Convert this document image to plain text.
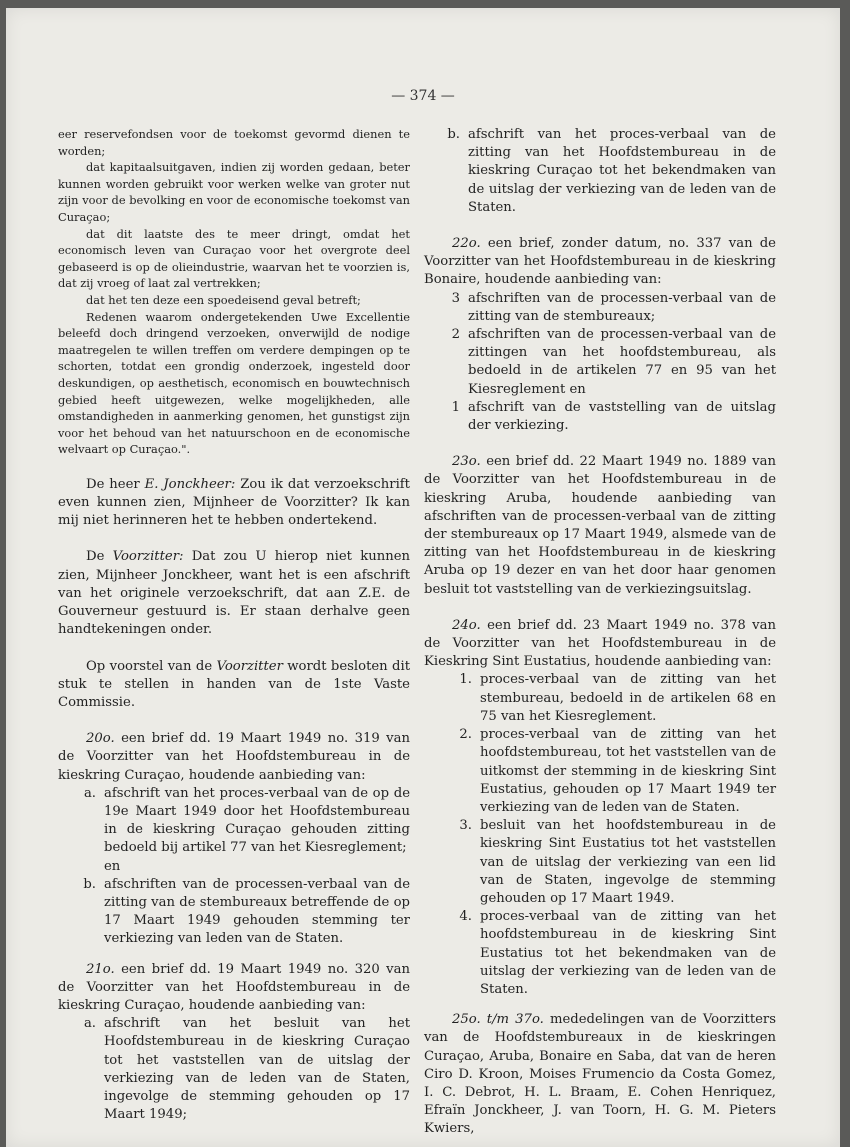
— 374 —

eer reservefondsen voor de toekomst gevormd dienen te worden;

dat kapitaalsuitgaven, indien zij worden gedaan, beter kunnen worden gebruikt voor werken welke van groter nut zijn voor de bevolking en voor de economische toekomst van Curaçao;

dat dit laatste des te meer dringt, omdat het economisch leven van Curaçao voor het overgrote deel gebaseerd is op de olieindustrie, waarvan het te voorzien is, dat zij vroeg of laat zal vertrekken;

dat het ten deze een spoedeisend geval betreft;

Redenen waarom ondergetekenden Uwe Excellentie beleefd doch dringend verzoeken, onverwijld de nodige maatregelen te willen treffen om verdere dempingen op te schorten, totdat een grondig onderzoek, ingesteld door deskundigen, op aesthetisch, economisch en bouwtechnisch gebied heeft uitgewezen, welke mogelijkheden, alle omstandigheden in aanmerking genomen, het gunstigst zijn voor het behoud van het natuurschoon en de economische welvaart op Curaçao.".

De heer E. Jonckheer: Zou ik dat verzoekschrift even kunnen zien, Mijnheer de Voorzitter? Ik kan mij niet herinneren het te hebben ondertekend.

De Voorzitter: Dat zou U hierop niet kunnen zien, Mijnheer Jonckheer, want het is een afschrift van het originele verzoekschrift, dat aan Z.E. de Gouverneur gestuurd is. Er staan derhalve geen handtekeningen onder.

Op voorstel van de Voorzitter wordt besloten dit stuk te stellen in handen van de 1ste Vaste Commissie.

20o. een brief dd. 19 Maart 1949 no. 319 van de Voorzitter van het Hoofdstembureau in de kieskring Curaçao, houdende aanbieding van:

a. afschrift van het proces-verbaal van de op de 19e Maart 1949 door het Hoofdstembureau in de kieskring Curaçao gehouden zitting bedoeld bij artikel 77 van het Kiesreglement;
en
b. afschriften van de processen-verbaal van de zitting van de stembureaux betreffende de op 17 Maart 1949 gehouden stemming ter verkiezing van leden van de Staten.

21o. een brief dd. 19 Maart 1949 no. 320 van de Voorzitter van het Hoofdstembureau in de kieskring Curaçao, houdende aanbieding van:

a. afschrift van het besluit van het Hoofdstembureau in de kieskring Curaçao tot het vaststellen van de uitslag der verkiezing van de leden van de Staten, ingevolge de stemming gehouden op 17 Maart 1949;
b. afschrift van het proces-verbaal van de zitting van het Hoofdstembureau in de kieskring Curaçao tot het bekendmaken van de uitslag der verkiezing van de leden van de Staten.

22o. een brief, zonder datum, no. 337 van de Voorzitter van het Hoofdstembureau in de kieskring Bonaire, houdende aanbieding van:

3 afschriften van de processen-verbaal van de zitting van de stembureaux;
2 afschriften van de processen-verbaal van de zittingen van het hoofdstembureau, als bedoeld in de artikelen 77 en 95 van het Kiesreglement en
1 afschrift van de vaststelling van de uitslag der verkiezing.

23o. een brief dd. 22 Maart 1949 no. 1889 van de Voorzitter van het Hoofdstembureau in de kieskring Aruba, houdende aanbieding van afschriften van de processen-verbaal van de zitting der stembureaux op 17 Maart 1949, alsmede van de zitting van het Hoofdstembureau in de kieskring Aruba op 19 dezer en van het door haar genomen besluit tot vaststelling van de verkiezingsuitslag.

24o. een brief dd. 23 Maart 1949 no. 378 van de Voorzitter van het Hoofdstembureau in de Kieskring Sint Eustatius, houdende aanbieding van:

1. proces-verbaal van de zitting van het stembureau, bedoeld in de artikelen 68 en 75 van het Kiesreglement.
2. proces-verbaal van de zitting van het hoofdstembureau, tot het vaststellen van de uitkomst der stemming in de kieskring Sint Eustatius, gehouden op 17 Maart 1949 ter verkiezing van de leden van de Staten.
3. besluit van het hoofdstembureau in de kieskring Sint Eustatius tot het vaststellen van de uitslag der verkiezing van een lid van de Staten, ingevolge de stemming gehouden op 17 Maart 1949.
4. proces-verbaal van de zitting van het hoofdstembureau in de kieskring Sint Eustatius tot het bekendmaken van de uitslag der verkiezing van de leden van de Staten.

25o. t/m 37o. mededelingen van de Voorzitters van de Hoofdstembureaux in de kieskringen Curaçao, Aruba, Bonaire en Saba, dat van de heren Ciro D. Kroon, Moises Frumencio da Costa Gomez, I. C. Debrot, H. L. Braam, E. Cohen Henriquez, Efraïn Jonckheer, J. van Toorn, H. G. M. Pieters Kwiers,
